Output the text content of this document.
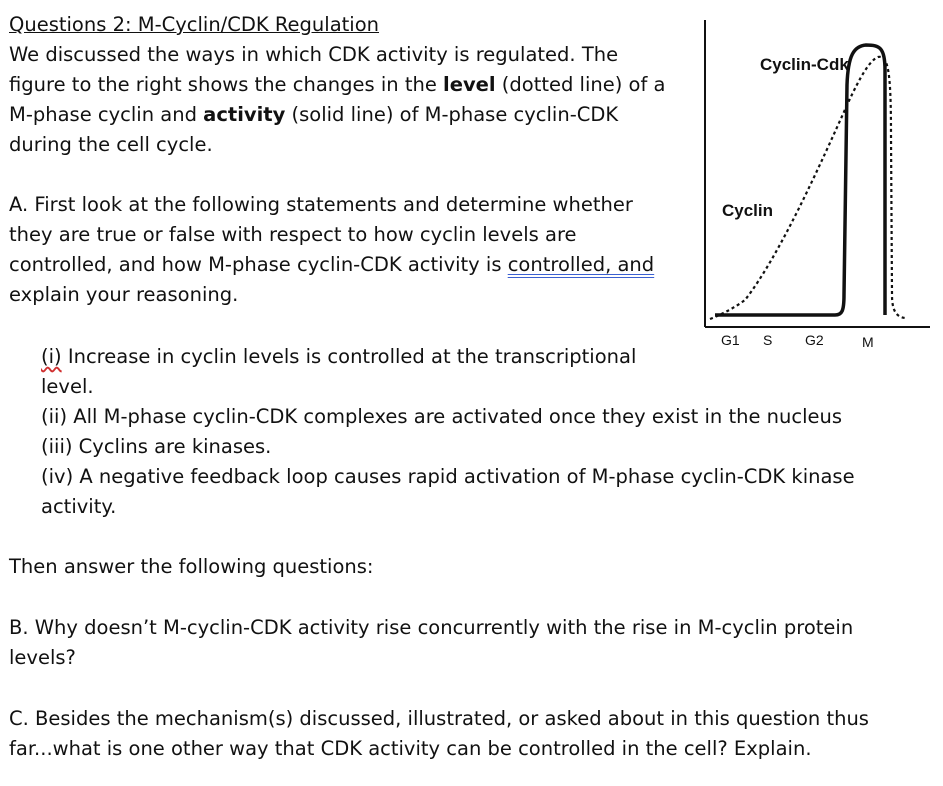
Questions 2: M-Cyclin/CDK Regulation
We discussed the ways in which CDK activity is regulated. The
figure to the right shows the changes in the level (dotted line) of a
M-phase cyclin and activity (solid line) of M-phase cyclin-CDK
during the cell cycle.
A. First look at the following statements and determine whether
they are true or false with respect to how cyclin levels are
controlled, and how M-phase cyclin-CDK activity is controlled, and
explain your reasoning.
(i) Increase in cyclin levels is controlled at the transcriptional
level.
(ii) All M-phase cyclin-CDK complexes are activated once they exist in the nucleus
(iii) Cyclins are kinases.
(iv) A negative feedback loop causes rapid activation of M-phase cyclin-CDK kinase
activity.
Then answer the following questions:
B. Why doesn’t M-cyclin-CDK activity rise concurrently with the rise in M-cyclin protein
levels?
C. Besides the mechanism(s) discussed, illustrated, or asked about in this question thus
far...what is one other way that CDK activity can be controlled in the cell? Explain.
Cyclin-Cdk
Cyclin
G1 S G2	M
